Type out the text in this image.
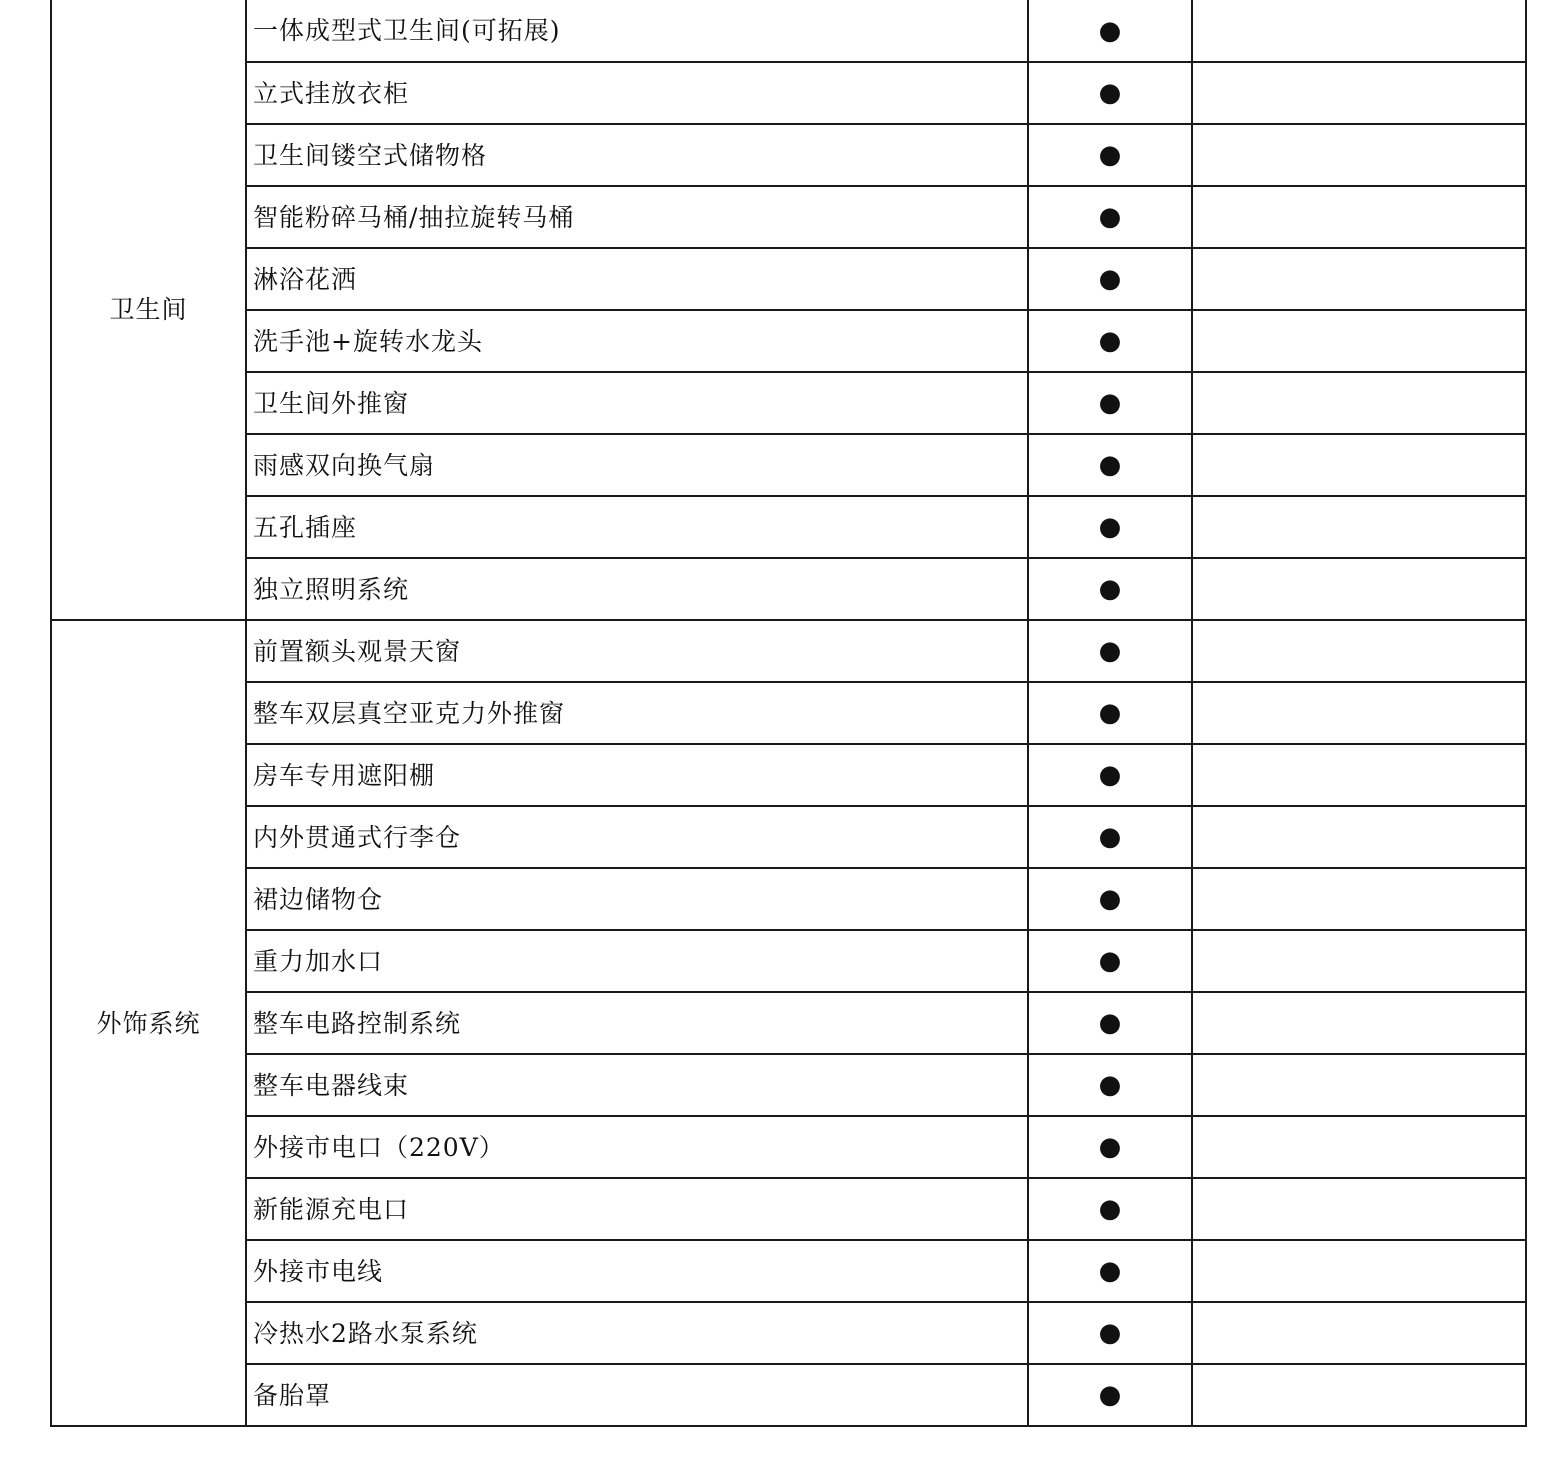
卫生间	一体成型式卫生间(可拓展)	●	
	立式挂放衣柜	●	
	卫生间镂空式储物格	●	
	智能粉碎马桶/抽拉旋转马桶	●	
	淋浴花洒	●	
	洗手池+旋转水龙头	●	
	卫生间外推窗	●	
	雨感双向换气扇	●	
	五孔插座	●	
	独立照明系统	●	
外饰系统	前置额头观景天窗	●	
	整车双层真空亚克力外推窗	●	
	房车专用遮阳棚	●	
	内外贯通式行李仓	●	
	裙边储物仓	●	
	重力加水口	●	
	整车电路控制系统	●	
	整车电器线束	●	
	外接市电口（220V）	●	
	新能源充电口	●	
	外接市电线	●	
	冷热水2路水泵系统	●	
	备胎罩	●	
